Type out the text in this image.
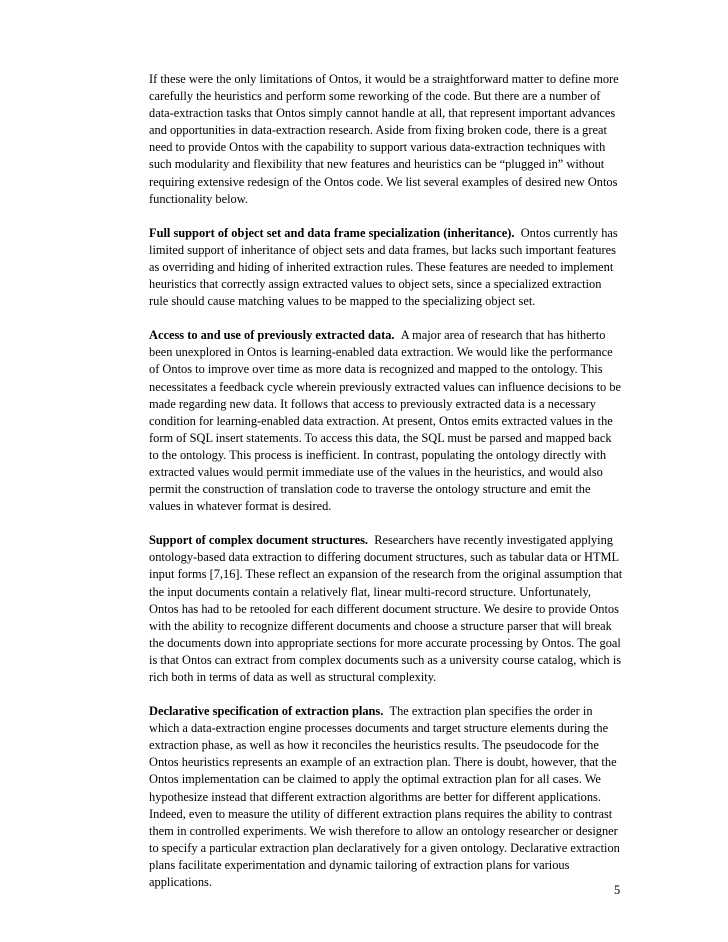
If these were the only limitations of Ontos, it would be a straightforward matter to define more carefully the heuristics and perform some reworking of the code. But there are a number of data-extraction tasks that Ontos simply cannot handle at all, that represent important advances and opportunities in data-extraction research. Aside from fixing broken code, there is a great need to provide Ontos with the capability to support various data-extraction techniques with such modularity and flexibility that new features and heuristics can be “plugged in” without requiring extensive redesign of the Ontos code. We list several examples of desired new Ontos functionality below.

Full support of object set and data frame specialization (inheritance). Ontos currently has limited support of inheritance of object sets and data frames, but lacks such important features as overriding and hiding of inherited extraction rules. These features are needed to implement heuristics that correctly assign extracted values to object sets, since a specialized extraction rule should cause matching values to be mapped to the specializing object set.

Access to and use of previously extracted data. A major area of research that has hitherto been unexplored in Ontos is learning-enabled data extraction. We would like the performance of Ontos to improve over time as more data is recognized and mapped to the ontology. This necessitates a feedback cycle wherein previously extracted values can influence decisions to be made regarding new data. It follows that access to previously extracted data is a necessary condition for learning-enabled data extraction. At present, Ontos emits extracted values in the form of SQL insert statements. To access this data, the SQL must be parsed and mapped back to the ontology. This process is inefficient. In contrast, populating the ontology directly with extracted values would permit immediate use of the values in the heuristics, and would also permit the construction of translation code to traverse the ontology structure and emit the values in whatever format is desired.

Support of complex document structures. Researchers have recently investigated applying ontology-based data extraction to differing document structures, such as tabular data or HTML input forms [7,16]. These reflect an expansion of the research from the original assumption that the input documents contain a relatively flat, linear multi-record structure. Unfortunately, Ontos has had to be retooled for each different document structure. We desire to provide Ontos with the ability to recognize different documents and choose a structure parser that will break the documents down into appropriate sections for more accurate processing by Ontos. The goal is that Ontos can extract from complex documents such as a university course catalog, which is rich both in terms of data as well as structural complexity.

Declarative specification of extraction plans. The extraction plan specifies the order in which a data-extraction engine processes documents and target structure elements during the extraction phase, as well as how it reconciles the heuristics results. The pseudocode for the Ontos heuristics represents an example of an extraction plan. There is doubt, however, that the Ontos implementation can be claimed to apply the optimal extraction plan for all cases. We hypothesize instead that different extraction algorithms are better for different applications. Indeed, even to measure the utility of different extraction plans requires the ability to contrast them in controlled experiments. We wish therefore to allow an ontology researcher or designer to specify a particular extraction plan declaratively for a given ontology. Declarative extraction plans facilitate experimentation and dynamic tailoring of extraction plans for various applications.

5
